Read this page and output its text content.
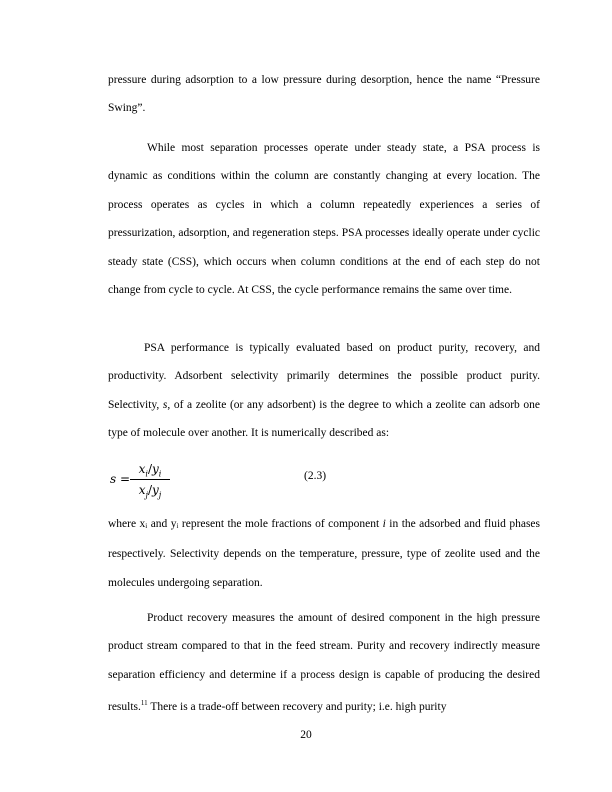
pressure during adsorption to a low pressure during desorption, hence the name “Pressure Swing”.

While most separation processes operate under steady state, a PSA process is dynamic as conditions within the column are constantly changing at every location. The process operates as cycles in which a column repeatedly experiences a series of pressurization, adsorption, and regeneration steps. PSA processes ideally operate under cyclic steady state (CSS), which occurs when column conditions at the end of each step do not change from cycle to cycle. At CSS, the cycle performance remains the same over time.

PSA performance is typically evaluated based on product purity, recovery, and productivity. Adsorbent selectivity primarily determines the possible product purity. Selectivity, s, of a zeolite (or any adsorbent) is the degree to which a zeolite can adsorb one type of molecule over another. It is numerically described as:

s =
$x_i/y_i$
$x_j/y_j$
(2.3)

where $x_i$ and $y_i$ represent the mole fractions of component i in the adsorbed and fluid phases respectively. Selectivity depends on the temperature, pressure, type of zeolite used and the molecules undergoing separation.

Product recovery measures the amount of desired component in the high pressure product stream compared to that in the feed stream. Purity and recovery indirectly measure separation efficiency and determine if a process design is capable of producing the desired results.$^{11}$ There is a trade-off between recovery and purity; i.e. high purity

20
